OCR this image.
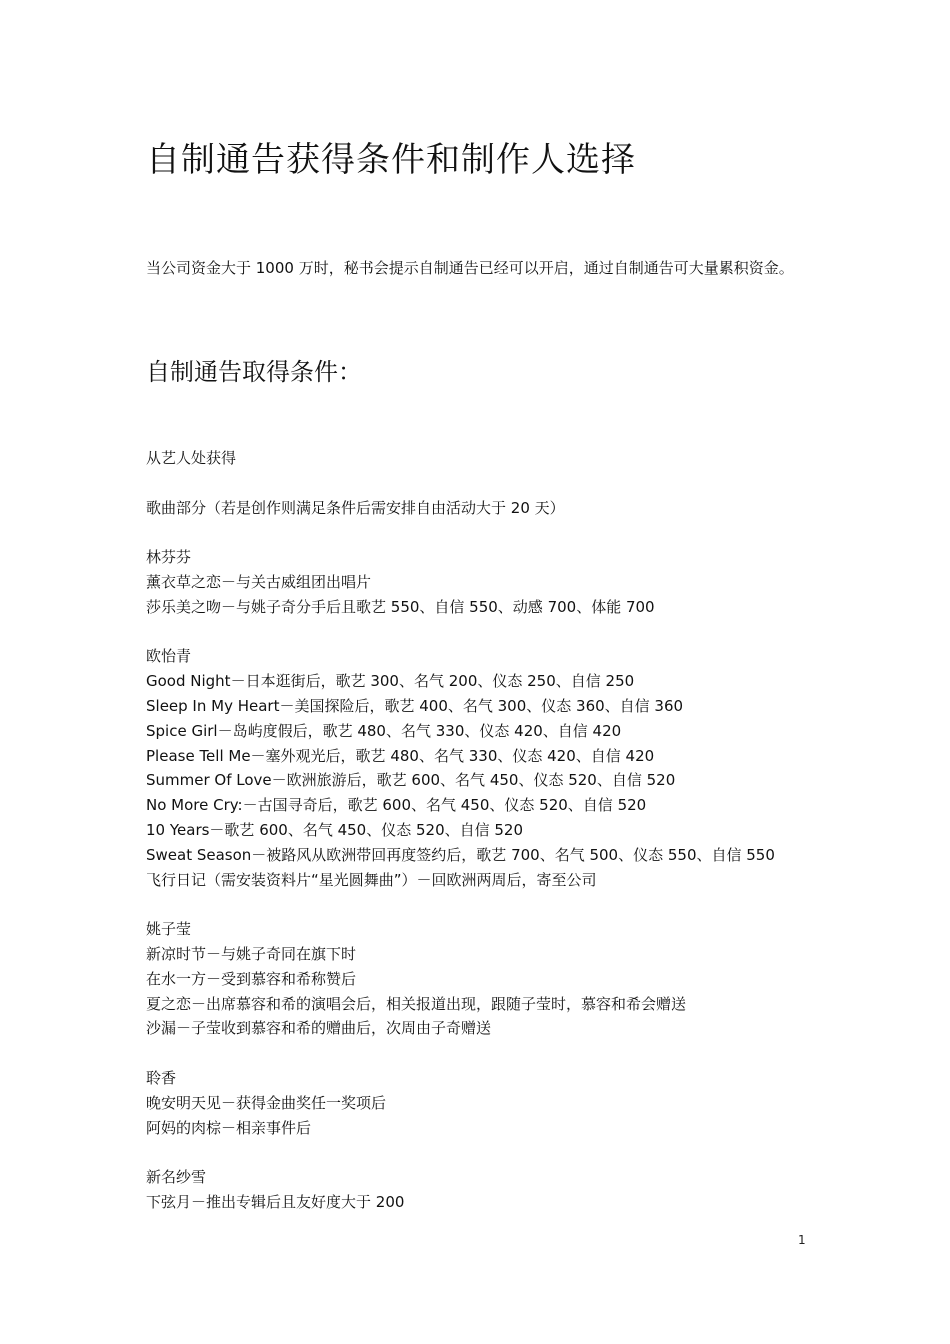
自制通告获得条件和制作人选择

当公司资金大于 1000 万时，秘书会提示自制通告已经可以开启，通过自制通告可大量累积资金。

自制通告取得条件：
从艺人处获得
歌曲部分（若是创作则满足条件后需安排自由活动大于 20 天）
林芬芬
薰衣草之恋－与关古威组团出唱片
莎乐美之吻－与姚子奇分手后且歌艺 550、自信 550、动感 700、体能 700
欧怡青
Good Night－日本逛街后，歌艺 300、名气 200、仪态 250、自信 250
Sleep In My Heart－美国探险后，歌艺 400、名气 300、仪态 360、自信 360
Spice Girl－岛屿度假后，歌艺 480、名气 330、仪态 420、自信 420
Please Tell Me－塞外观光后，歌艺 480、名气 330、仪态 420、自信 420
Summer Of Love－欧洲旅游后，歌艺 600、名气 450、仪态 520、自信 520
No More Cry:－古国寻奇后，歌艺 600、名气 450、仪态 520、自信 520
10 Years－歌艺 600、名气 450、仪态 520、自信 520
Sweat Season－被路风从欧洲带回再度签约后，歌艺 700、名气 500、仪态 550、自信 550
飞行日记（需安装资料片“星光圆舞曲”）－回欧洲两周后，寄至公司
姚子莹
新凉时节－与姚子奇同在旗下时
在水一方－受到慕容和希称赞后
夏之恋－出席慕容和希的演唱会后，相关报道出现，跟随子莹时，慕容和希会赠送
沙漏－子莹收到慕容和希的赠曲后，次周由子奇赠送
聆香
晚安明天见－获得金曲奖任一奖项后
阿妈的肉棕－相亲事件后
新名纱雪
下弦月－推出专辑后且友好度大于 200
1
